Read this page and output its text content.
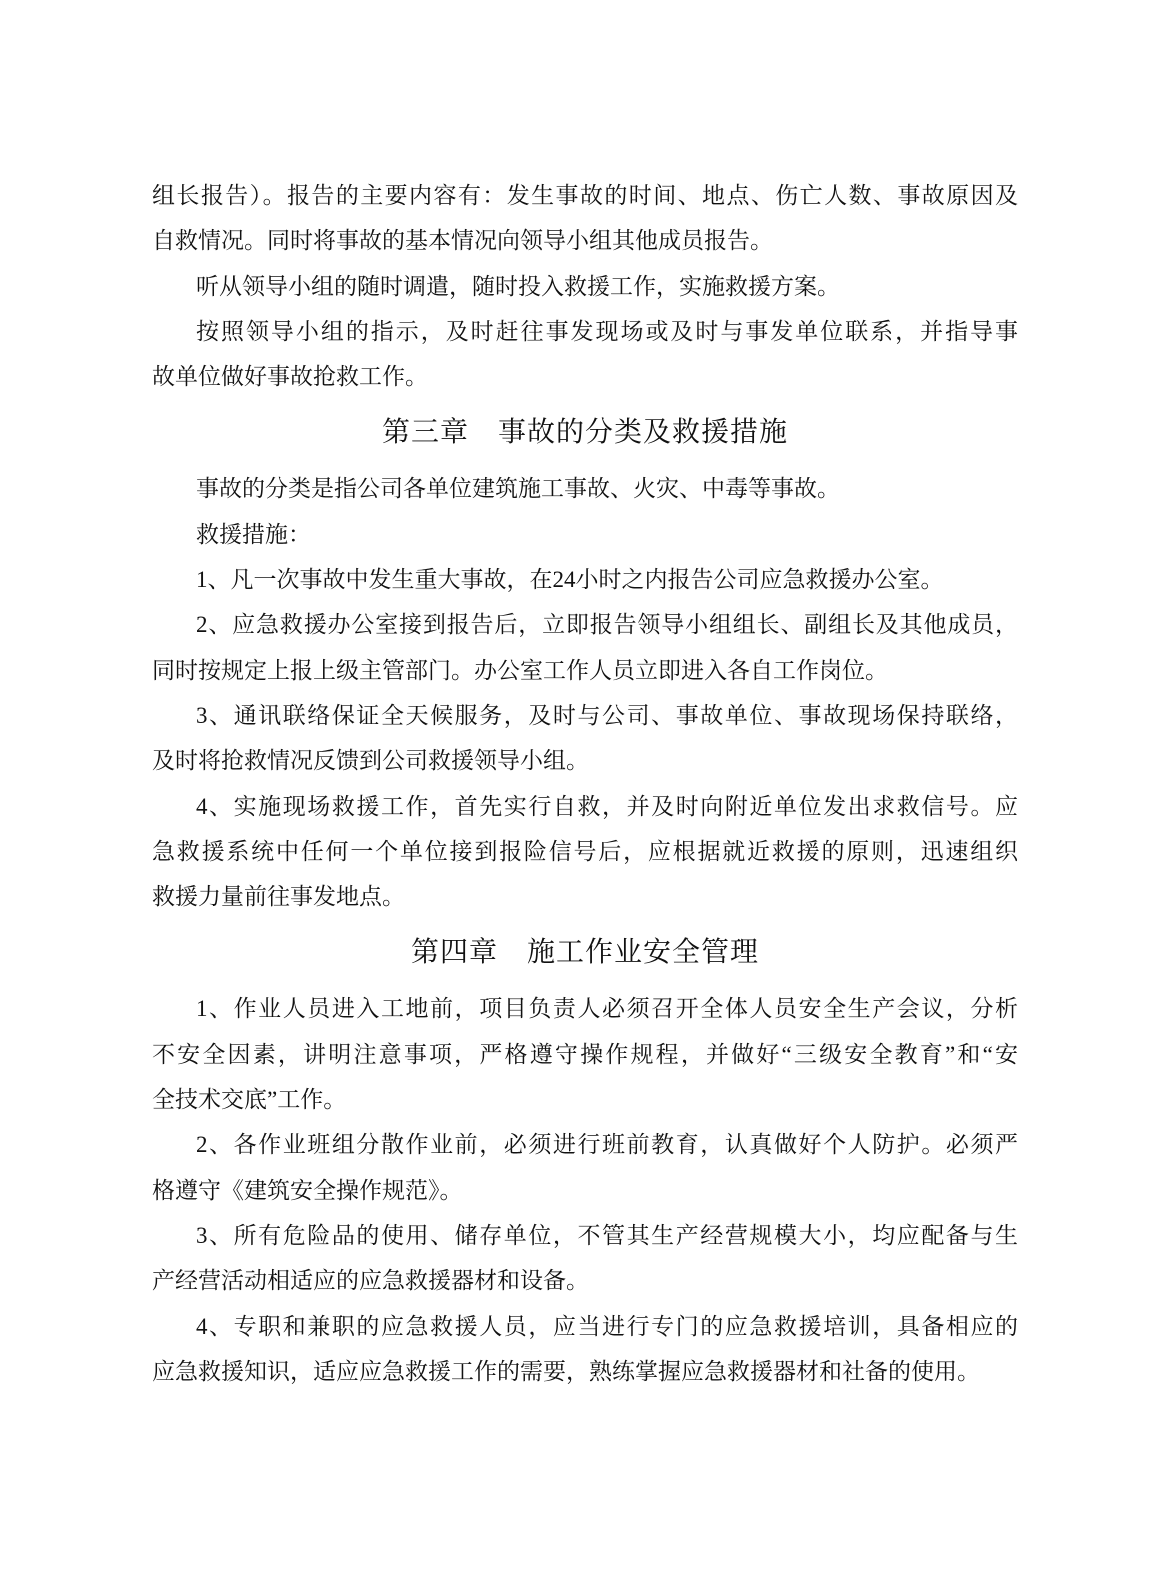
组长报告）。报告的主要内容有：发生事故的时间、地点、伤亡人数、事故原因及
自救情况。同时将事故的基本情况向领导小组其他成员报告。
听从领导小组的随时调遣，随时投入救援工作，实施救援方案。
按照领导小组的指示，及时赶往事发现场或及时与事发单位联系，并指导事
故单位做好事故抢救工作。
第三章　事故的分类及救援措施
事故的分类是指公司各单位建筑施工事故、火灾、中毒等事故。
救援措施：
1、凡一次事故中发生重大事故，在24小时之内报告公司应急救援办公室。
2、应急救援办公室接到报告后，立即报告领导小组组长、副组长及其他成员，
同时按规定上报上级主管部门。办公室工作人员立即进入各自工作岗位。
3、通讯联络保证全天候服务，及时与公司、事故单位、事故现场保持联络，
及时将抢救情况反馈到公司救援领导小组。
4、实施现场救援工作，首先实行自救，并及时向附近单位发出求救信号。应
急救援系统中任何一个单位接到报险信号后，应根据就近救援的原则，迅速组织
救援力量前往事发地点。
第四章　施工作业安全管理
1、作业人员进入工地前，项目负责人必须召开全体人员安全生产会议，分析
不安全因素，讲明注意事项，严格遵守操作规程，并做好“三级安全教育”和“安
全技术交底”工作。
2、各作业班组分散作业前，必须进行班前教育，认真做好个人防护。必须严
格遵守《建筑安全操作规范》。
3、所有危险品的使用、储存单位，不管其生产经营规模大小，均应配备与生
产经营活动相适应的应急救援器材和设备。
4、专职和兼职的应急救援人员，应当进行专门的应急救援培训，具备相应的
应急救援知识，适应应急救援工作的需要，熟练掌握应急救援器材和社备的使用。
